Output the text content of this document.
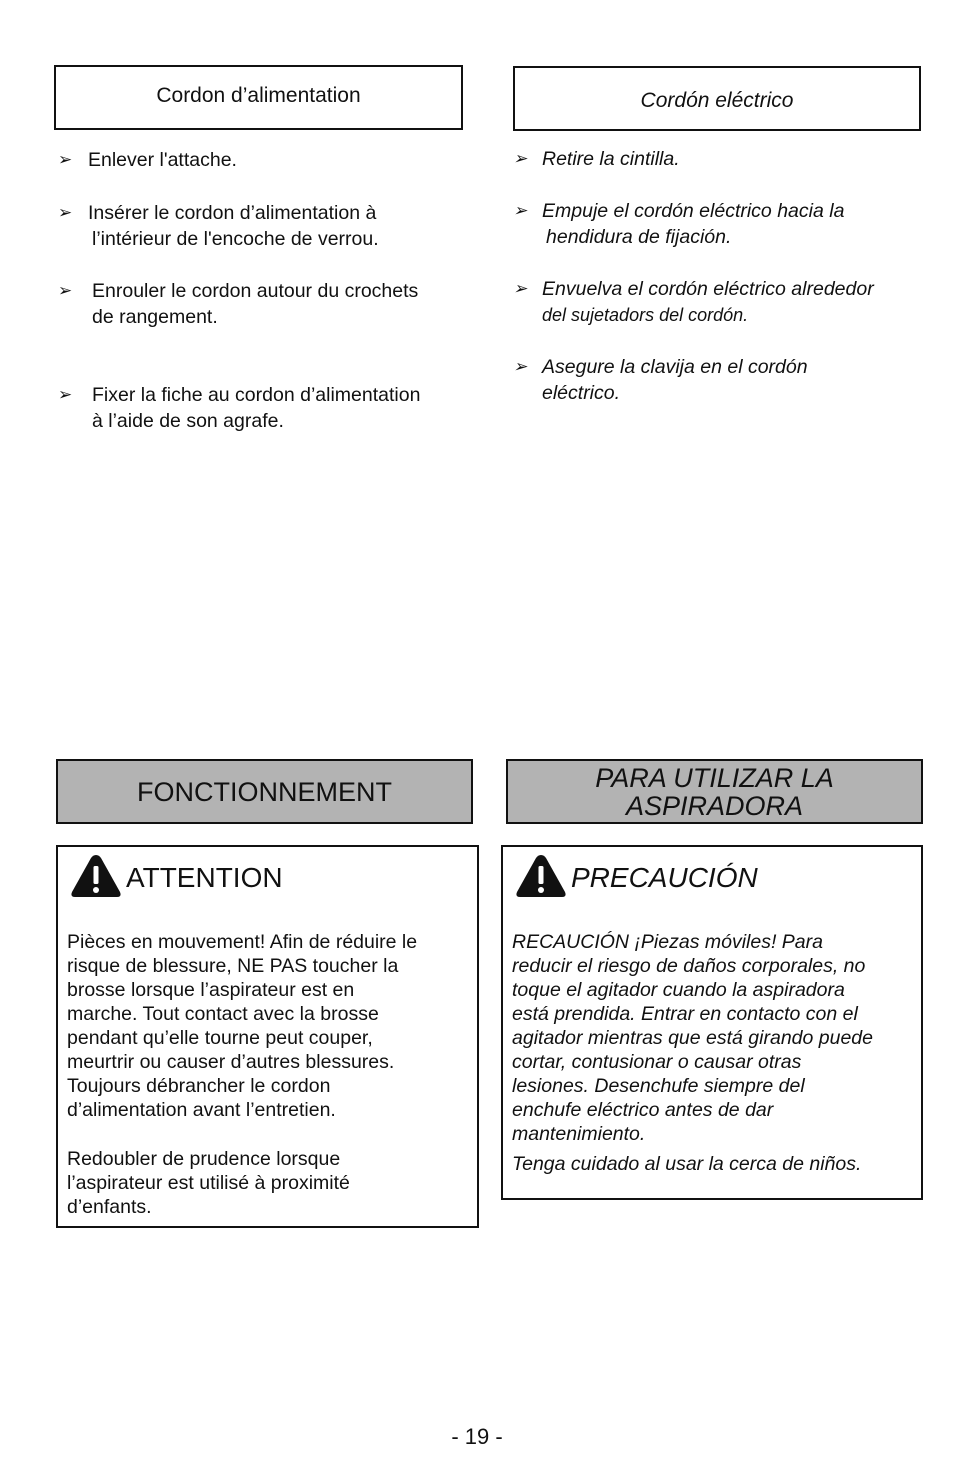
Cordon d’alimentation	Cordón eléctrico
➢ Enlever l'attache.
➢ Insérer le cordon d’alimentation à
l’intérieur de l'encoche de verrou.
➢ Enrouler le cordon autour du crochets
de rangement.
➢ Fixer la fiche au cordon d’alimentation
à l’aide de son agrafe.
➢ Retire la cintilla.
➢ Empuje el cordón eléctrico hacia la
hendidura de fijación.
➢ Envuelva el cordón eléctrico alrededor
del sujetadors del cordón.
➢ Asegure la clavija en el cordón
eléctrico.
FONCTIONNEMENT	PARA UTILIZAR LA
ASPIRADORA
ATTENTION
Pièces en mouvement! Afin de réduire le
risque de blessure, NE PAS toucher la
brosse lorsque l’aspirateur est en
marche. Tout contact avec la brosse
pendant qu’elle tourne peut couper,
meurtrir ou causer d’autres blessures.
Toujours débrancher le cordon
d’alimentation avant l’entretien.
Redoubler de prudence lorsque
l’aspirateur est utilisé à proximité
d’enfants.
PRECAUCIÓN
RECAUCIÓN ¡Piezas móviles! Para
reducir el riesgo de daños corporales, no
toque el agitador cuando la aspiradora
está prendida. Entrar en contacto con el
agitador mientras que está girando puede
cortar, contusionar o causar otras
lesiones. Desenchufe siempre del
enchufe eléctrico antes de dar
mantenimiento.
Tenga cuidado al usar la cerca de niños.
- 19 -
